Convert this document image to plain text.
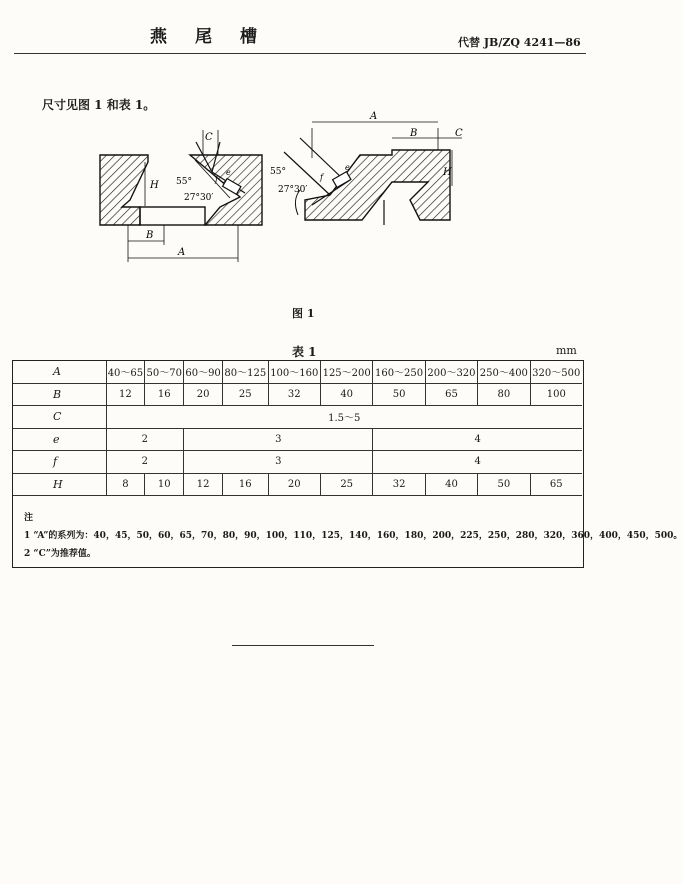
燕尾槽	代替 JB/ZQ 4241—86
尺寸见图 1 和表 1。
C
H 55°
27°30′
f
e
B
A
A
B	C
H
55°
27°30′
f
e
图 1
表 1	mm
A	40～65	50～70	60～90	80～125	100～160	125～200	160～250	200～320	250～400	320～500
B	12	16	20	25	32	40	50	65	80	100
C	1.5～5									
e	2		3				4			
f	2		3				4			
H	8	10	12	16	20	25	32	40	50	65
注
1 “A”的系列为：40，45，50，60，65，70，80，90，100，110，125，140，160，180，200，225，250，280，320，360，400，450，500。
2 “C”为推荐值。
